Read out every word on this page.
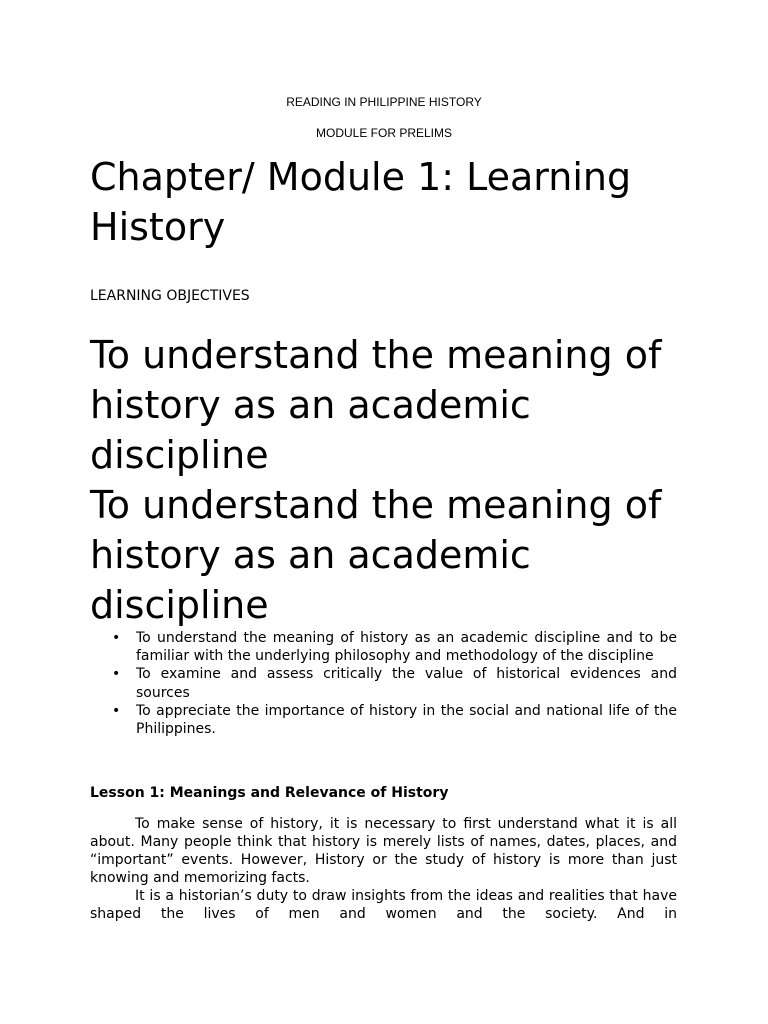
READING IN PHILIPPINE HISTORY
MODULE FOR PRELIMS
Chapter/ Module 1: Learning History
LEARNING OBJECTIVES
To understand the meaning of history as an academic discipline
To understand the meaning of history as an academic discipline
• To understand the meaning of history as an academic discipline and to be familiar with the underlying philosophy and methodology of the discipline
• To examine and assess critically the value of historical evidences and sources
• To appreciate the importance of history in the social and national life of the Philippines.
Lesson 1: Meanings and Relevance of History

To make sense of history, it is necessary to first understand what it is all about. Many people think that history is merely lists of names, dates, places, and “important” events. However, History or the study of history is more than just knowing and memorizing facts.

It is a historian’s duty to draw insights from the ideas and realities that have shaped the lives of men and women and the society. And in
